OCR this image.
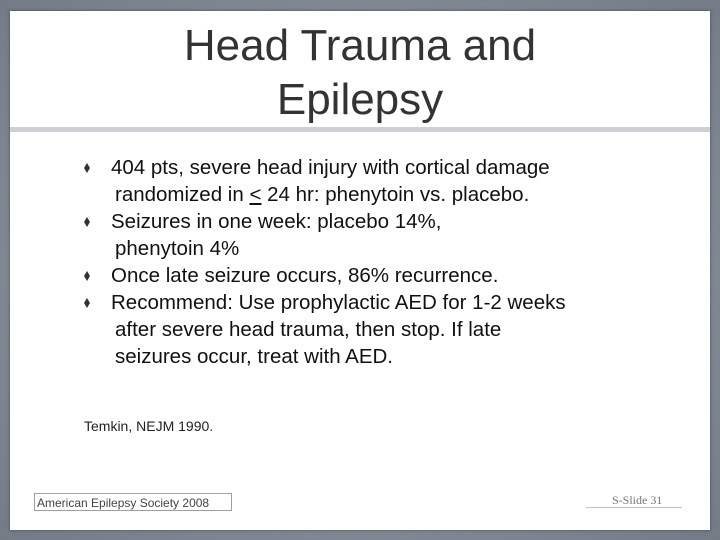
Head Trauma and
Epilepsy
404 pts, severe head injury with cortical damage
randomized in ≤ 24 hr: phenytoin vs. placebo.
Seizures in one week: placebo 14%,
phenytoin 4%
Once late seizure occurs, 86% recurrence.
Recommend: Use prophylactic AED for 1-2 weeks
after severe head trauma, then stop. If late
seizures occur, treat with AED.
Temkin, NEJM 1990.
American Epilepsy Society 2008	S-Slide 31
